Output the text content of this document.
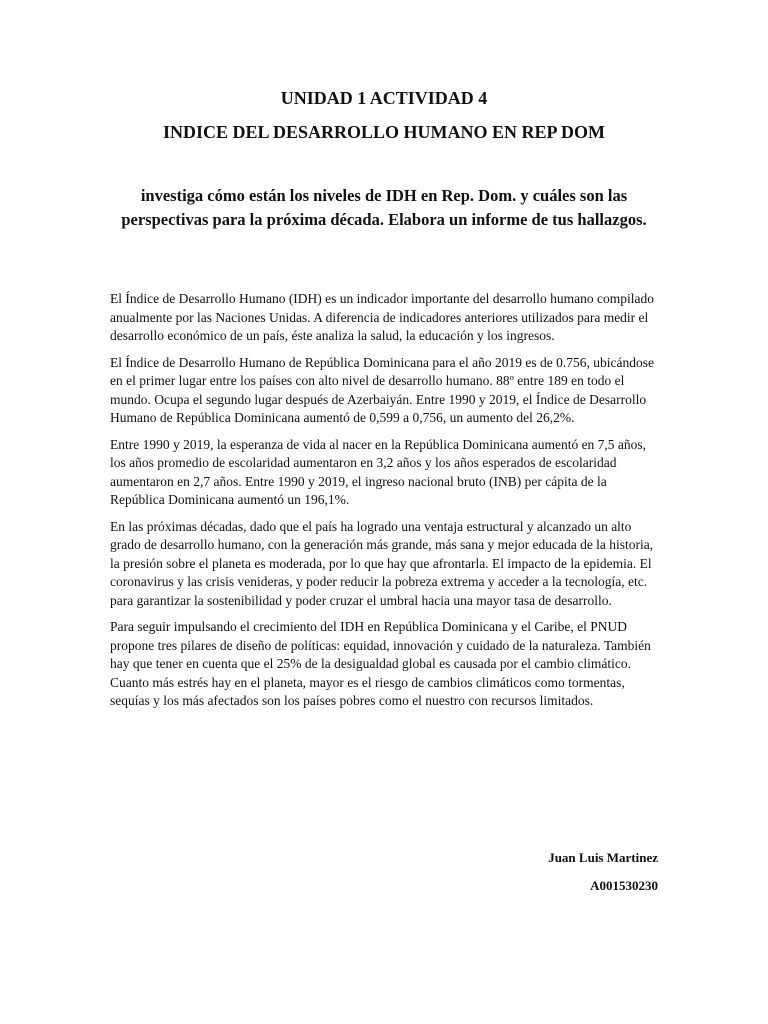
UNIDAD 1 ACTIVIDAD 4
INDICE DEL DESARROLLO HUMANO EN REP DOM

investiga cómo están los niveles de IDH en Rep. Dom. y cuáles son las perspectivas para la próxima década. Elabora un informe de tus hallazgos.

El Índice de Desarrollo Humano (IDH) es un indicador importante del desarrollo humano compilado anualmente por las Naciones Unidas. A diferencia de indicadores anteriores utilizados para medir el desarrollo económico de un país, éste analiza la salud, la educación y los ingresos.

El Índice de Desarrollo Humano de República Dominicana para el año 2019 es de 0.756, ubicándose en el primer lugar entre los países con alto nivel de desarrollo humano. 88º entre 189 en todo el mundo. Ocupa el segundo lugar después de Azerbaiyán. Entre 1990 y 2019, el Índice de Desarrollo Humano de República Dominicana aumentó de 0,599 a 0,756, un aumento del 26,2%.

Entre 1990 y 2019, la esperanza de vida al nacer en la República Dominicana aumentó en 7,5 años, los años promedio de escolaridad aumentaron en 3,2 años y los años esperados de escolaridad aumentaron en 2,7 años. Entre 1990 y 2019, el ingreso nacional bruto (INB) per cápita de la República Dominicana aumentó un 196,1%.

En las próximas décadas, dado que el país ha logrado una ventaja estructural y alcanzado un alto grado de desarrollo humano, con la generación más grande, más sana y mejor educada de la historia, la presión sobre el planeta es moderada, por lo que hay que afrontarla. El impacto de la epidemia. El coronavirus y las crisis venideras, y poder reducir la pobreza extrema y acceder a la tecnología, etc. para garantizar la sostenibilidad y poder cruzar el umbral hacia una mayor tasa de desarrollo.

Para seguir impulsando el crecimiento del IDH en República Dominicana y el Caribe, el PNUD propone tres pilares de diseño de políticas: equidad, innovación y cuidado de la naturaleza. También hay que tener en cuenta que el 25% de la desigualdad global es causada por el cambio climático. Cuanto más estrés hay en el planeta, mayor es el riesgo de cambios climáticos como tormentas, sequías y los más afectados son los países pobres como el nuestro con recursos limitados.

Juan Luis Martinez
A001530230
